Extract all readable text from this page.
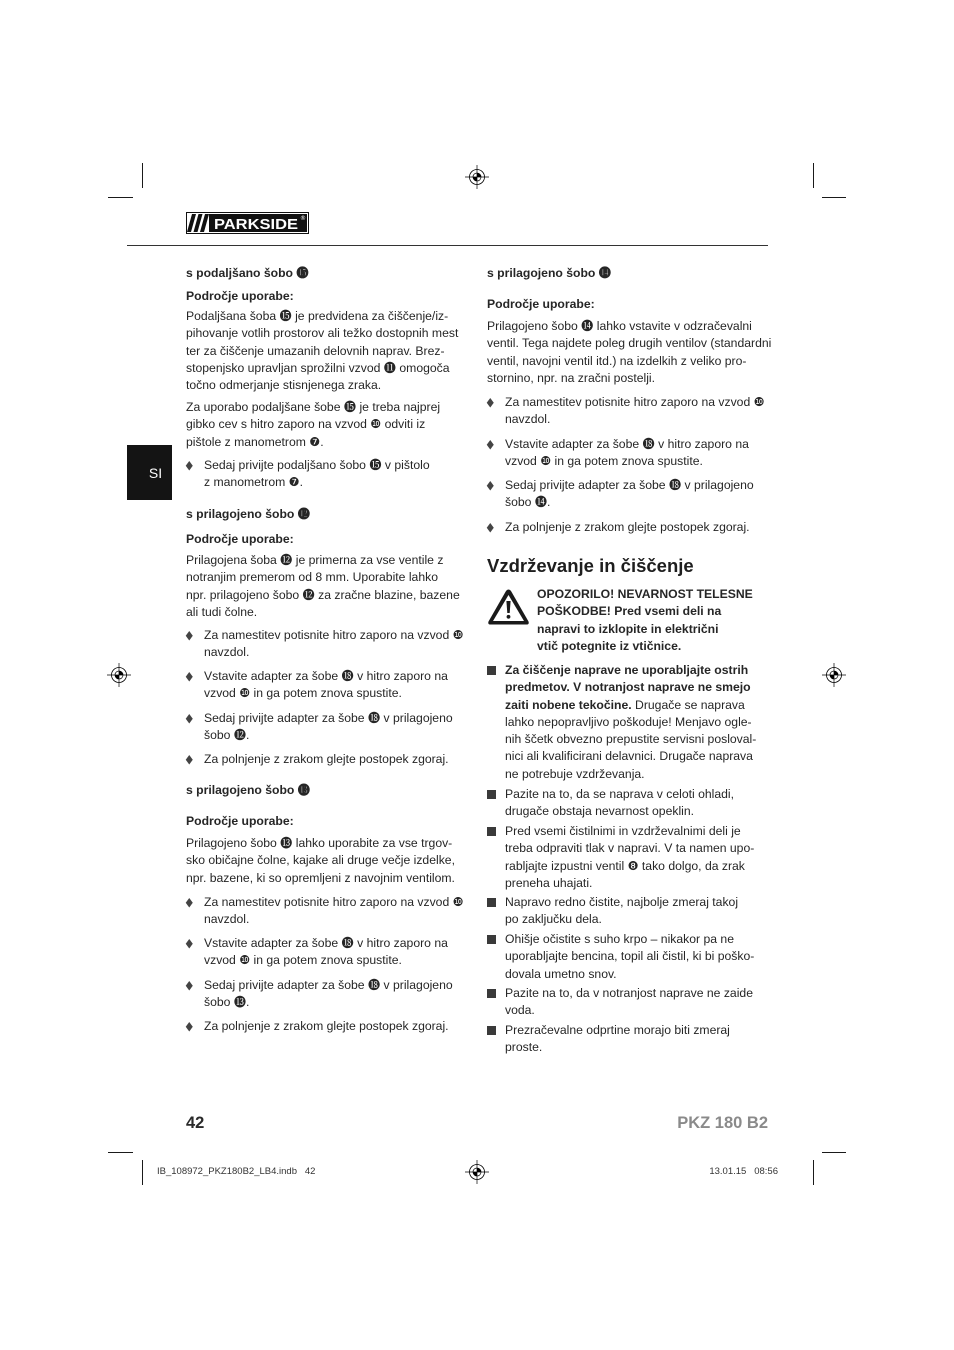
PARKSIDE ®
SI
s podaljšano šobo ⓯
Področje uporabe:
Podaljšana šoba ⓯ je predvidena za čiščenje/iz-
pihovanje votlih prostorov ali težko dostopnih mest
ter za čiščenje umazanih delovnih naprav. Brez-
stopenjsko upravljan sprožilni vzvod ⓫ omogoča
točno odmerjanje stisnjenega zraka.
Za uporabo podaljšane šobe ⓯ je treba najprej
gibko cev s hitro zaporo na vzvod ❿ odviti iz
pištole z manometrom ❼.
Sedaj privijte podaljšano šobo ⓯ v pištolo
z manometrom ❼.
s prilagojeno šobo ⓬
Področje uporabe:
Prilagojena šoba ⓬ je primerna za vse ventile z
notranjim premerom od 8 mm. Uporabite lahko
npr. prilagojeno šobo ⓬ za zračne blazine, bazene
ali tudi čolne.
Za namestitev potisnite hitro zaporo na vzvod ❿
navzdol.
Vstavite adapter za šobe ⓲ v hitro zaporo na
vzvod ❿ in ga potem znova spustite.
Sedaj privijte adapter za šobe ⓲ v prilagojeno
šobo ⓬.
Za polnjenje z zrakom glejte postopek zgoraj.
s prilagojeno šobo ⓭
Področje uporabe:
Prilagojeno šobo ⓭ lahko uporabite za vse trgov-
sko običajne čolne, kajake ali druge večje izdelke,
npr. bazene, ki so opremljeni z navojnim ventilom.
Za namestitev potisnite hitro zaporo na vzvod ❿
navzdol.
Vstavite adapter za šobe ⓲ v hitro zaporo na
vzvod ❿ in ga potem znova spustite.
Sedaj privijte adapter za šobe ⓲ v prilagojeno
šobo ⓭.
Za polnjenje z zrakom glejte postopek zgoraj.
s prilagojeno šobo ⓮
Področje uporabe:
Prilagojeno šobo ⓮ lahko vstavite v odzračevalni
ventil. Tega najdete poleg drugih ventilov (standardni
ventil, navojni ventil itd.) na izdelkih z veliko pro-
stornino, npr. na zračni postelji.
Za namestitev potisnite hitro zaporo na vzvod ❿
navzdol.
Vstavite adapter za šobe ⓲ v hitro zaporo na
vzvod ❿ in ga potem znova spustite.
Sedaj privijte adapter za šobe ⓲ v prilagojeno
šobo ⓮.
Za polnjenje z zrakom glejte postopek zgoraj.
Vzdrževanje in čiščenje
OPOZORILO! NEVARNOST TELESNE
POŠKODBE! Pred vsemi deli na
napravi to izklopite in električni
vtič potegnite iz vtičnice.
Za čiščenje naprave ne uporabljajte ostrih
predmetov. V notranjost naprave ne smejo
zaiti nobene tekočine. Drugače se naprava
lahko nepopravljivo poškoduje! Menjavo ogle-
nih ščetk obvezno prepustite servisni posloval-
nici ali kvalificirani delavnici. Drugače naprava
ne potrebuje vzdrževanja.
Pazite na to, da se naprava v celoti ohladi,
drugače obstaja nevarnost opeklin.
Pred vsemi čistilnimi in vzdrževalnimi deli je
treba odpraviti tlak v napravi. V ta namen upo-
rabljajte izpustni ventil ❽ tako dolgo, da zrak
preneha uhajati.
Napravo redno čistite, najbolje zmeraj takoj
po zaključku dela.
Ohišje očistite s suho krpo – nikakor pa ne
uporabljajte bencina, topil ali čistil, ki bi poško-
dovala umetno snov.
Pazite na to, da v notranjost naprave ne zaide
voda.
Prezračevalne odprtine morajo biti zmeraj
proste.
42	PKZ 180 B2
IB_108972_PKZ180B2_LB4.indb   42	13.01.15   08:56
